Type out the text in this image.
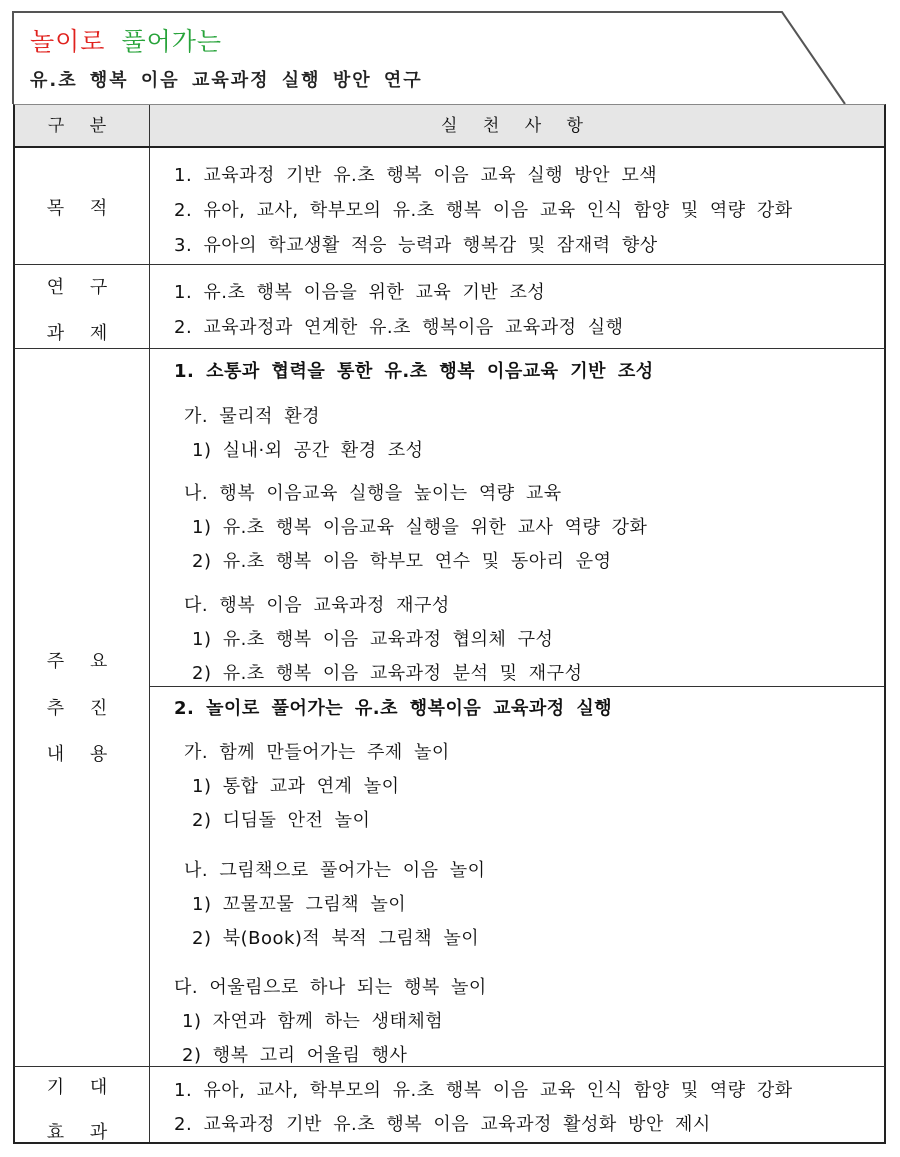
놀이로 풀어가는
유.초 행복 이음 교육과정 실행 방안 연구
구 분	실 천 사 항
목 적
1. 교육과정 기반 유.초 행복 이음 교육 실행 방안 모색
2. 유아, 교사, 학부모의 유.초 행복 이음 교육 인식 함양 및 역량 강화
3. 유아의 학교생활 적응 능력과 행복감 및 잠재력 향상
연 구
과 제
1. 유.초 행복 이음을 위한 교육 기반 조성
2. 교육과정과 연계한 유.초 행복이음 교육과정 실행
주 요
추 진
내 용
1. 소통과 협력을 통한 유.초 행복 이음교육 기반 조성
가. 물리적 환경
1) 실내·외 공간 환경 조성
나. 행복 이음교육 실행을 높이는 역량 교육
1) 유.초 행복 이음교육 실행을 위한 교사 역량 강화
2) 유.초 행복 이음 학부모 연수 및 동아리 운영
다. 행복 이음 교육과정 재구성
1) 유.초 행복 이음 교육과정 협의체 구성
2) 유.초 행복 이음 교육과정 분석 및 재구성
2. 놀이로 풀어가는 유.초 행복이음 교육과정 실행
가. 함께 만들어가는 주제 놀이
1) 통합 교과 연계 놀이
2) 디딤돌 안전 놀이
나. 그림책으로 풀어가는 이음 놀이
1) 꼬물꼬물 그림책 놀이
2) 북(Book)적 북적 그림책 놀이
다. 어울림으로 하나 되는 행복 놀이
1) 자연과 함께 하는 생태체험
2) 행복 고리 어울림 행사
기 대
효 과
1. 유아, 교사, 학부모의 유.초 행복 이음 교육 인식 함양 및 역량 강화
2. 교육과정 기반 유.초 행복 이음 교육과정 활성화 방안 제시
